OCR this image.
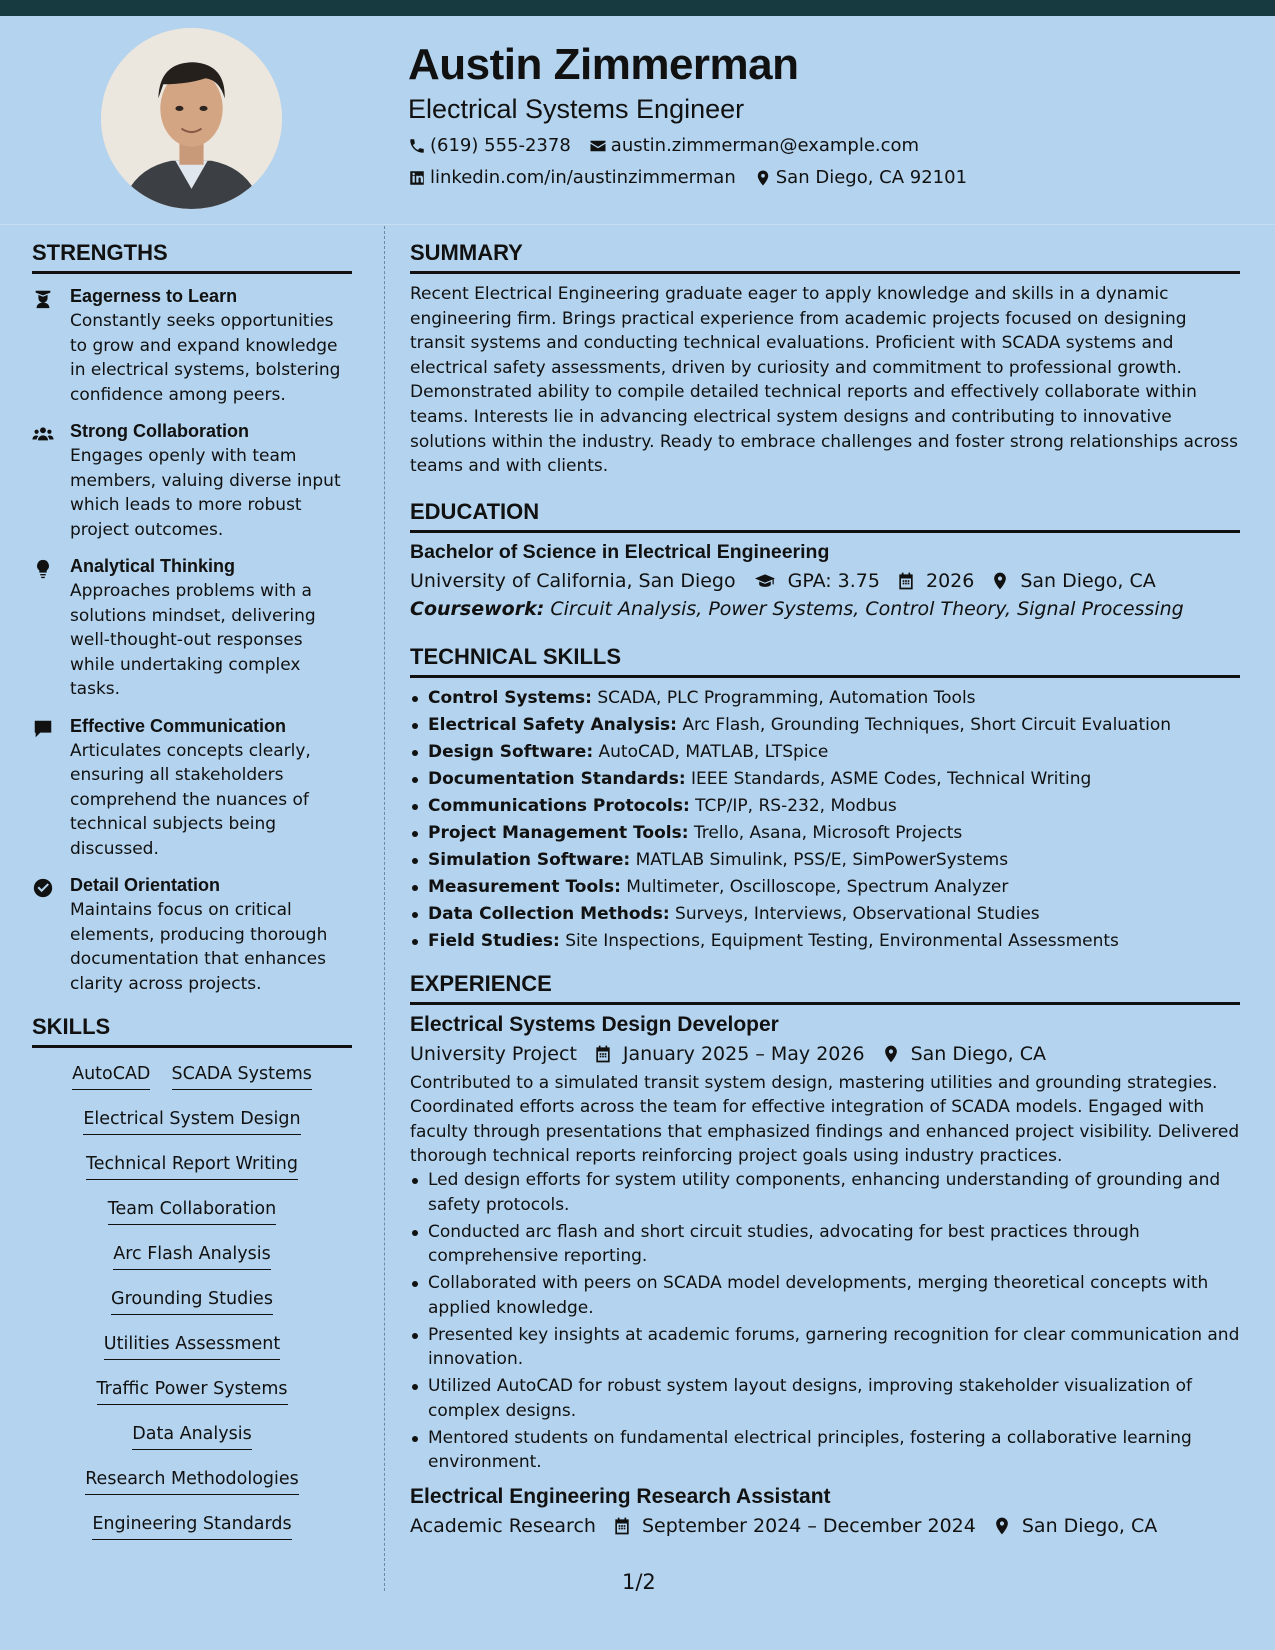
Austin Zimmerman
Electrical Systems Engineer
(619) 555-2378 austin.zimmerman@example.com
linkedin.com/in/austinzimmerman San Diego, CA 92101
STRENGTHS
Eagerness to Learn
Constantly seeks opportunities to grow and expand knowledge in electrical systems, bolstering confidence among peers.
Strong Collaboration
Engages openly with team members, valuing diverse input which leads to more robust project outcomes.
Analytical Thinking
Approaches problems with a solutions mindset, delivering well-thought-out responses while undertaking complex tasks.
Effective Communication
Articulates concepts clearly, ensuring all stakeholders comprehend the nuances of technical subjects being discussed.
Detail Orientation
Maintains focus on critical elements, producing thorough documentation that enhances clarity across projects.
SKILLS
AutoCAD SCADA Systems
Electrical System Design
Technical Report Writing
Team Collaboration
Arc Flash Analysis
Grounding Studies
Utilities Assessment
Traffic Power Systems
Data Analysis
Research Methodologies
Engineering Standards
SUMMARY
Recent Electrical Engineering graduate eager to apply knowledge and skills in a dynamic engineering firm. Brings practical experience from academic projects focused on designing transit systems and conducting technical evaluations. Proficient with SCADA systems and electrical safety assessments, driven by curiosity and commitment to professional growth. Demonstrated ability to compile detailed technical reports and effectively collaborate within teams. Interests lie in advancing electrical system designs and contributing to innovative solutions within the industry. Ready to embrace challenges and foster strong relationships across teams and with clients.
EDUCATION
Bachelor of Science in Electrical Engineering
University of California, San Diego	GPA: 3.75 2026 San Diego, CA
Coursework: Circuit Analysis, Power Systems, Control Theory, Signal Processing
TECHNICAL SKILLS
Control Systems: SCADA, PLC Programming, Automation Tools
Electrical Safety Analysis: Arc Flash, Grounding Techniques, Short Circuit Evaluation
Design Software: AutoCAD, MATLAB, LTSpice
Documentation Standards: IEEE Standards, ASME Codes, Technical Writing
Communications Protocols: TCP/IP, RS-232, Modbus
Project Management Tools: Trello, Asana, Microsoft Projects
Simulation Software: MATLAB Simulink, PSS/E, SimPowerSystems
Measurement Tools: Multimeter, Oscilloscope, Spectrum Analyzer
Data Collection Methods: Surveys, Interviews, Observational Studies
Field Studies: Site Inspections, Equipment Testing, Environmental Assessments
EXPERIENCE
Electrical Systems Design Developer
University Project January 2025 – May 2026 San Diego, CA
Contributed to a simulated transit system design, mastering utilities and grounding strategies. Coordinated efforts across the team for effective integration of SCADA models. Engaged with faculty through presentations that emphasized findings and enhanced project visibility. Delivered thorough technical reports reinforcing project goals using industry practices.
Led design efforts for system utility components, enhancing understanding of grounding and safety protocols.
Conducted arc flash and short circuit studies, advocating for best practices through comprehensive reporting.
Collaborated with peers on SCADA model developments, merging theoretical concepts with applied knowledge.
Presented key insights at academic forums, garnering recognition for clear communication and innovation.
Utilized AutoCAD for robust system layout designs, improving stakeholder visualization of complex designs.
Mentored students on fundamental electrical principles, fostering a collaborative learning environment.
Electrical Engineering Research Assistant
Academic Research September 2024 – December 2024 San Diego, CA
1/2
